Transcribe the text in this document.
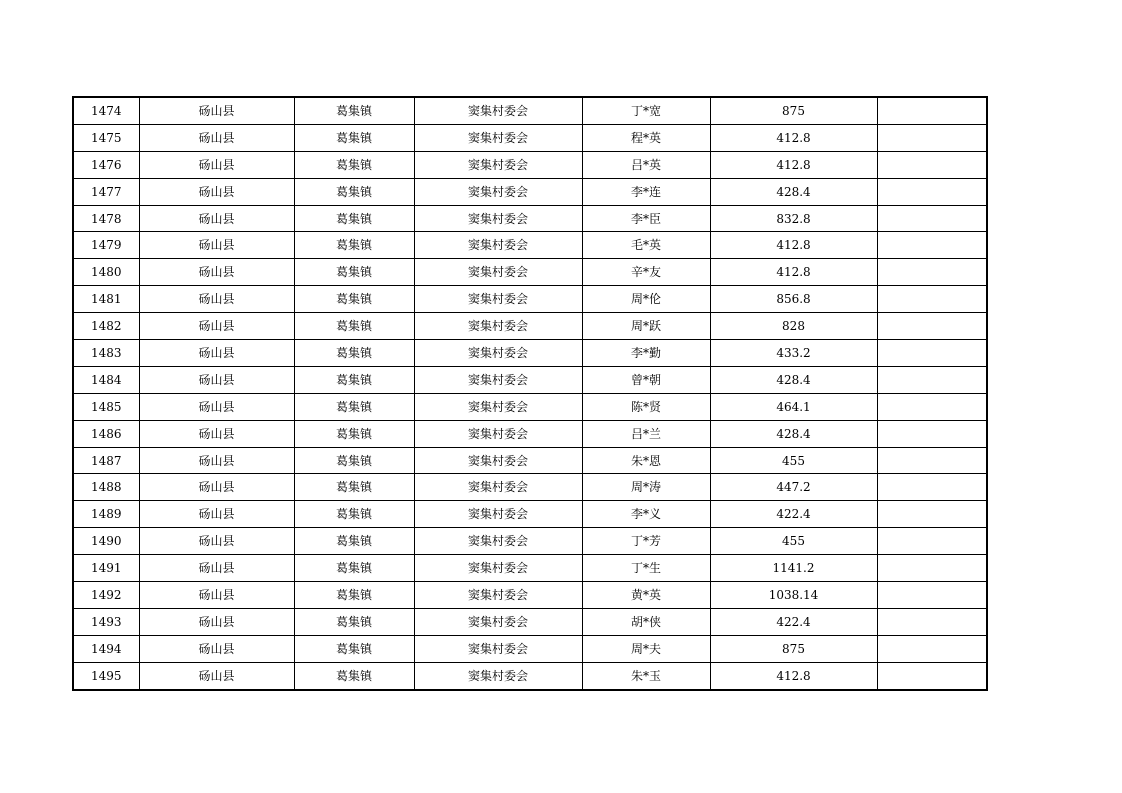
1474	砀山县	葛集镇	窦集村委会	丁*宽	875	
1475	砀山县	葛集镇	窦集村委会	程*英	412.8	
1476	砀山县	葛集镇	窦集村委会	吕*英	412.8	
1477	砀山县	葛集镇	窦集村委会	李*连	428.4	
1478	砀山县	葛集镇	窦集村委会	李*臣	832.8	
1479	砀山县	葛集镇	窦集村委会	毛*英	412.8	
1480	砀山县	葛集镇	窦集村委会	辛*友	412.8	
1481	砀山县	葛集镇	窦集村委会	周*伦	856.8	
1482	砀山县	葛集镇	窦集村委会	周*跃	828	
1483	砀山县	葛集镇	窦集村委会	李*勤	433.2	
1484	砀山县	葛集镇	窦集村委会	曾*朝	428.4	
1485	砀山县	葛集镇	窦集村委会	陈*贤	464.1	
1486	砀山县	葛集镇	窦集村委会	吕*兰	428.4	
1487	砀山县	葛集镇	窦集村委会	朱*恩	455	
1488	砀山县	葛集镇	窦集村委会	周*涛	447.2	
1489	砀山县	葛集镇	窦集村委会	李*义	422.4	
1490	砀山县	葛集镇	窦集村委会	丁*芳	455	
1491	砀山县	葛集镇	窦集村委会	丁*生	1141.2	
1492	砀山县	葛集镇	窦集村委会	黄*英	1038.14	
1493	砀山县	葛集镇	窦集村委会	胡*侠	422.4	
1494	砀山县	葛集镇	窦集村委会	周*夫	875	
1495	砀山县	葛集镇	窦集村委会	朱*玉	412.8	
